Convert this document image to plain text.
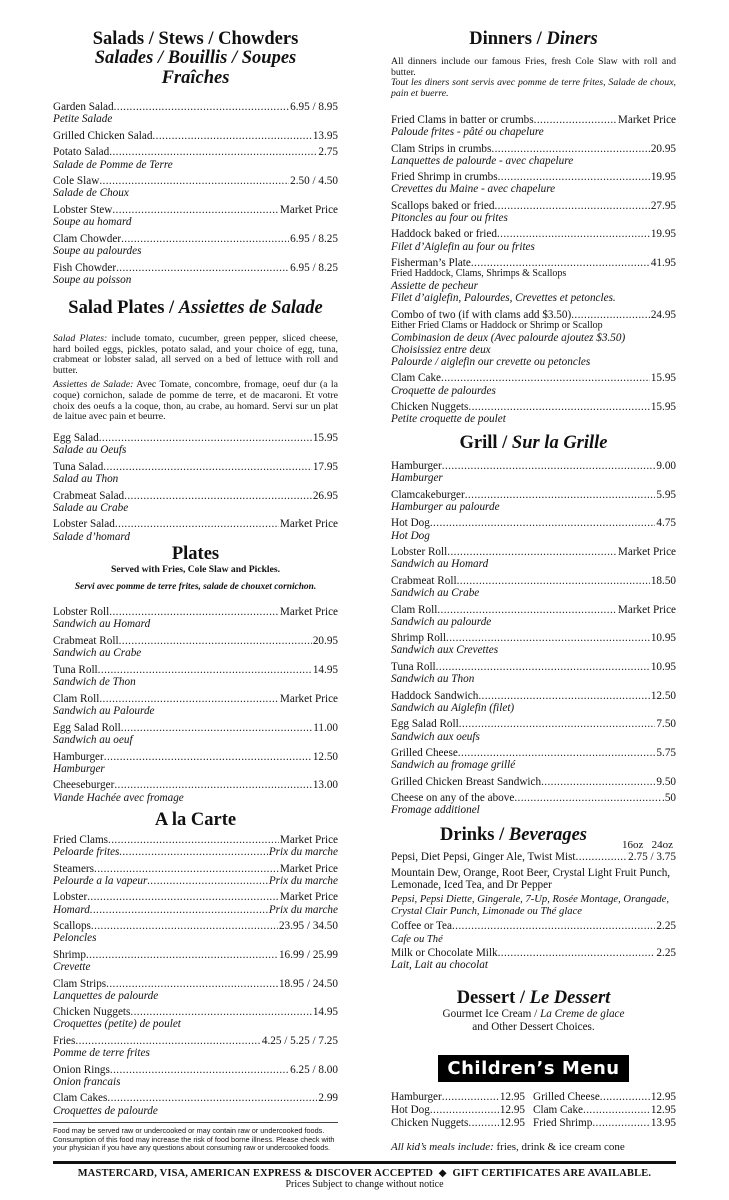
Salads / Stews / Chowders
Salades / Bouillis / Soupes
Fraîches
Garden Salad .....	6.95 / 8.95
Petite Salade
Grilled Chicken Salad .....	13.95
Potato Salad .....	2.75
Salade de Pomme de Terre
Cole Slaw .....	2.50 / 4.50
Salade de Choux
Lobster Stew .....	Market Price
Soupe au homard
Clam Chowder .....	6.95 / 8.25
Soupe au palourdes
Fish Chowder .....	6.95 / 8.25
Soupe au poisson
Salad Plates / Assiettes de Salade
Salad Plates: include tomato, cucumber, green pepper, sliced cheese, hard boiled eggs, pickles, potato salad, and your choice of egg, tuna, crabmeat or lobster salad, all served on a bed of lettuce with roll and butter.
Assiettes de Salade: Avec Tomate, concombre, fromage, oeuf dur (a la coque) cornichon, salade de pomme de terre, et de macaroni. Et votre choix des oeufs a la coque, thon, au crabe, au homard. Servi sur un plat de laitue avec pain et beurre.
Egg Salad .....	15.95
Salade au Oeufs
Tuna Salad .....	17.95
Salad au Thon
Crabmeat Salad .....	26.95
Salade au Crabe
Lobster Salad .....	Market Price
Salade d’homard
Plates
Served with Fries, Cole Slaw and Pickles.
Servi avec pomme de terre frites, salade de chouxet cornichon.
Lobster Roll .....	Market Price
Sandwich au Homard
Crabmeat Roll .....	20.95
Sandwich au Crabe
Tuna Roll .....	14.95
Sandwich de Thon
Clam Roll .....	Market Price
Sandwich au Palourde
Egg Salad Roll .....	11.00
Sandwich au oeuf
Hamburger .....	12.50
Hamburger
Cheeseburger .....	13.00
Viande Hachée avec fromage
A la Carte
Fried Clams .....	Market Price
Peloarde frites .....	Prix du marche
Steamers .....	Market Price
Pelourde a la vapeur .....	Prix du marche
Lobster .....	Market Price
Homard .....	Prix du marche
Scallops .....	23.95 / 34.50
Peloncles
Shrimp .....	16.99 / 25.99
Crevette
Clam Strips .....	18.95 / 24.50
Lanquettes de palourde
Chicken Nuggets .....	14.95
Croquettes (petite) de poulet
Fries .....	4.25 / 5.25 / 7.25
Pomme de terre frites
Onion Rings .....	6.25 / 8.00
Onion francais
Clam Cakes .....	2.99
Croquettes de palourde
Food may be served raw or undercooked or may contain raw or undercooked foods. Consumption of this food may increase the risk of food borne illness. Please check with your physician if you have any questions about consuming raw or undercooked foods.
Dinners / Diners
All dinners include our famous Fries, fresh Cole Slaw with roll and butter.
Tout les diners sont servis avec pomme de terre frites, Salade de choux, pain et buerre.
Fried Clams in batter or crumbs .....	Market Price
Paloude frites - pâté ou chapelure
Clam Strips in crumbs .....	20.95
Lanquettes de palourde - avec chapelure
Fried Shrimp in crumbs .....	19.95
Crevettes du Maine - avec chapelure
Scallops baked or fried .....	27.95
Pitoncles au four ou frites
Haddock baked or fried .....	19.95
Filet d’Aiglefin au four ou frites
Fisherman’s Plate .....	41.95
Fried Haddock, Clams, Shrimps & Scallops
Assiette de pecheur
Filet d’aiglefin, Palourdes, Crevettes et petoncles.
Combo of two (if with clams add $3.50) .....	24.95
Either Fried Clams or Haddock or Shrimp or Scallop
Combinasion de deux (Avec palourde ajoutez $3.50)
Choisissiez entre deux
Palourde / aiglefin our crevette ou petoncles
Clam Cake .....	15.95
Croquette de palourdes
Chicken Nuggets .....	15.95
Petite croquette de poulet
Grill / Sur la Grille
Hamburger .....	9.00
Hamburger
Clamcakeburger .....	5.95
Hamburger au palourde
Hot Dog .....	4.75
Hot Dog
Lobster Roll .....	Market Price
Sandwich au Homard
Crabmeat Roll .....	18.50
Sandwich au Crabe
Clam Roll .....	Market Price
Sandwich au palourde
Shrimp Roll .....	10.95
Sandwich aux Crevettes
Tuna Roll .....	10.95
Sandwich au Thon
Haddock Sandwich .....	12.50
Sandwich au Aiglefin (filet)
Egg Salad Roll .....	7.50
Sandwich aux oeufs
Grilled Cheese .....	5.75
Sandwich au fromage grillé
Grilled Chicken Breast Sandwich .....	9.50
Cheese on any of the above .....	.50
Fromage additionel
Drinks / Beverages	16oz 24oz
Pepsi, Diet Pepsi, Ginger Ale, Twist Mist .....	2.75 / 3.75
Mountain Dew, Orange, Root Beer, Crystal Light Fruit Punch, Lemonade, Iced Tea, and Dr Pepper
Pepsi, Pepsi Diette, Gingerale, 7-Up, Rosée Montage, Orangade, Crystal Clair Punch, Limonade ou Thé glace
Coffee or Tea .....	2.25
Cafe ou Thé
Milk or Chocolate Milk .....	2.25
Lait, Lait au chocolat
Dessert / Le Dessert
Gourmet Ice Cream / La Creme de glace
and Other Dessert Choices.
Children’s Menu
Hamburger .....	12.95 Grilled Cheese .....	12.95
Hot Dog .....	12.95 Clam Cake .....	12.95
Chicken Nuggets .....	12.95 Fried Shrimp .....	13.95
All kid’s meals include: fries, drink & ice cream cone
MASTERCARD, VISA, AMERICAN EXPRESS & DISCOVER ACCEPTED ◆ GIFT CERTIFICATES ARE AVAILABLE.
Prices Subject to change without notice
